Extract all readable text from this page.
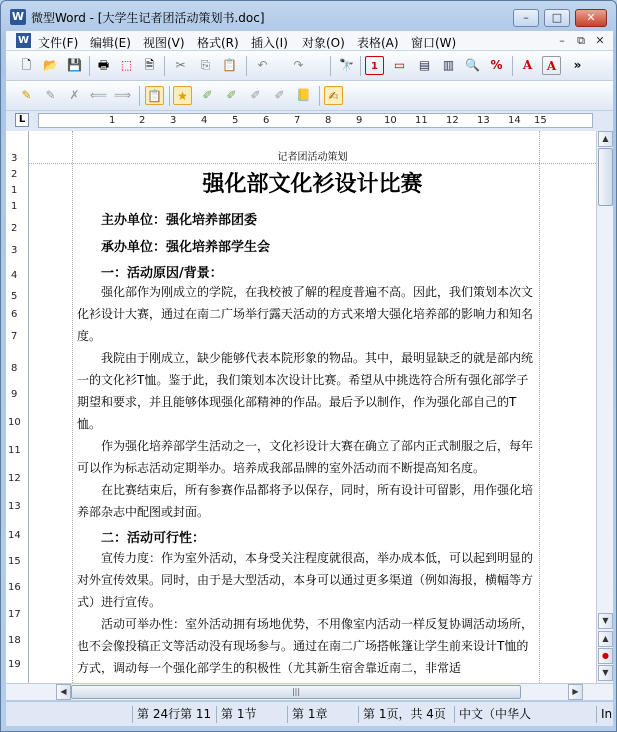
W 微型Word - [大学生记者团活动策划书.doc]	–	□	✕
W 文件(F) 编辑(E) 视图(V) 格式(R) 插入(I) 对象(O) 表格(A) 窗口(W)	–	⧉ ✕
🗋 📂 💾	🖶 ⬚	🗎	✂	⎘ 📋	↶	↷	🔭	1	▭	▤	▥ 🔍 %	A	A	»
✎	✎	✗ ⟸ ⟹ 📋	★	✐	✐	✐	✐ 📒	✍
L	1 2 3 4 5 6 7 8 9 10 11 12 13 14 15
3
2
1
1
2
3
4
5
6
7
8
9
10
11
12
13
14
15
16
17
18
19
记者团活动策划
强化部文化衫设计比赛
主办单位：强化培养部团委
承办单位：强化培养部学生会
一：活动原因/背景：
强化部作为刚成立的学院，在我校被了解的程度普遍不高。因此，我们策划本次文化衫设计大赛，通过在南二广场举行露天活动的方式来增大强化培养部的影响力和知名度。
我院由于刚成立，缺少能够代表本院形象的物品。其中，最明显缺乏的就是部内统一的文化衫T恤。鉴于此，我们策划本次设计比赛。希望从中挑选符合所有强化部学子期望和要求，并且能够体现强化部精神的作品。最后予以制作，作为强化部自己的T恤。
作为强化培养部学生活动之一，文化衫设计大赛在确立了部内正式制服之后，每年可以作为标志活动定期举办。培养成我部品牌的室外活动而不断提高知名度。
在比赛结束后，所有参赛作品都将予以保存，同时，所有设计可留影，用作强化培养部杂志中配图或封面。
二：活动可行性：
宣传力度：作为室外活动，本身受关注程度就很高，举办成本低，可以起到明显的对外宣传效果。同时，由于是大型活动，本身可以通过更多渠道（例如海报，横幅等方式）进行宣传。
活动可举办性：室外活动拥有场地优势，不用像室内活动一样反复协调活动场所，也不会像投稿正文等活动没有现场参与。通过在南二广场搭帐篷让学生前来设计T恤的方式，调动每一个强化部学生的积极性（尤其新生宿舍靠近南二，非常适
▲
▼
▲
●
▼
◀	|||	▶
第 24行第 11 第 1节	第 1章	第 1页，共 4页	中文（中华人	In
